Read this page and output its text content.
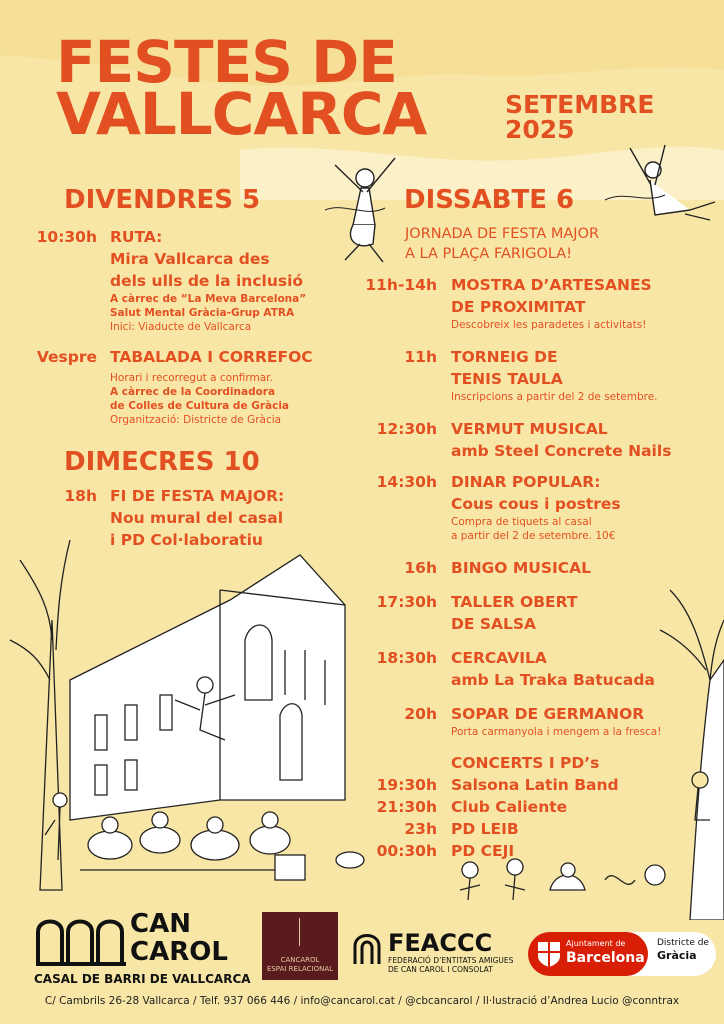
FESTES DE
VALLCARCA	SETEMBRE
2025
DIVENDRES 5	DISSABTE 6
DIMECRES 10
JORNADA DE FESTA MAJOR
A LA PLAÇA FARIGOLA!
10:30h RUTA:
Mira Vallcarca des
dels ulls de la inclusió
A càrrec de “La Meva Barcelona”
Salut Mental Gràcia-Grup ATRA
Inici: Viaducte de Vallcarca
Vespre TABALADA I CORREFOC
Horari i recorregut a confirmar.
A càrrec de la Coordinadora
de Colles de Cultura de Gràcia
Organització: Districte de Gràcia
18h FI DE FESTA MAJOR:
Nou mural del casal
i PD Col·laboratiu
11h-14h MOSTRA D’ARTESANES
DE PROXIMITAT
Descobreix les paradetes i activitats!
11h TORNEIG DE
TENIS TAULA
Inscripcions a partir del 2 de setembre.
12:30h VERMUT MUSICAL
amb Steel Concrete Nails
14:30h DINAR POPULAR:
Cous cous i postres
Compra de tiquets al casal
a partir del 2 de setembre. 10€
16h BINGO MUSICAL
17:30h TALLER OBERT
DE SALSA
18:30h CERCAVILA
amb La Traka Batucada
20h SOPAR DE GERMANOR
Porta carmanyola i mengem a la fresca!
CONCERTS I PD’s
19:30h Salsona Latin Band
21:30h Club Caliente
23h PD LEIB
00:30h PD CEJI
CAN
CAROL
CASAL DE BARRI DE VALLCARCA
CANCAROL
ESPAI RELACIONAL
FEACCC
FEDERACIÓ D’ENTITATS AMIGUES
DE CAN CAROL I CONSOLAT
Ajuntament de
Barcelona
Districte de
Gràcia
C/ Cambrils 26-28 Vallcarca / Telf. 937 066 446 / info@cancarol.cat / @cbcancarol / Il·lustració d’Andrea Lucio @conntrax
